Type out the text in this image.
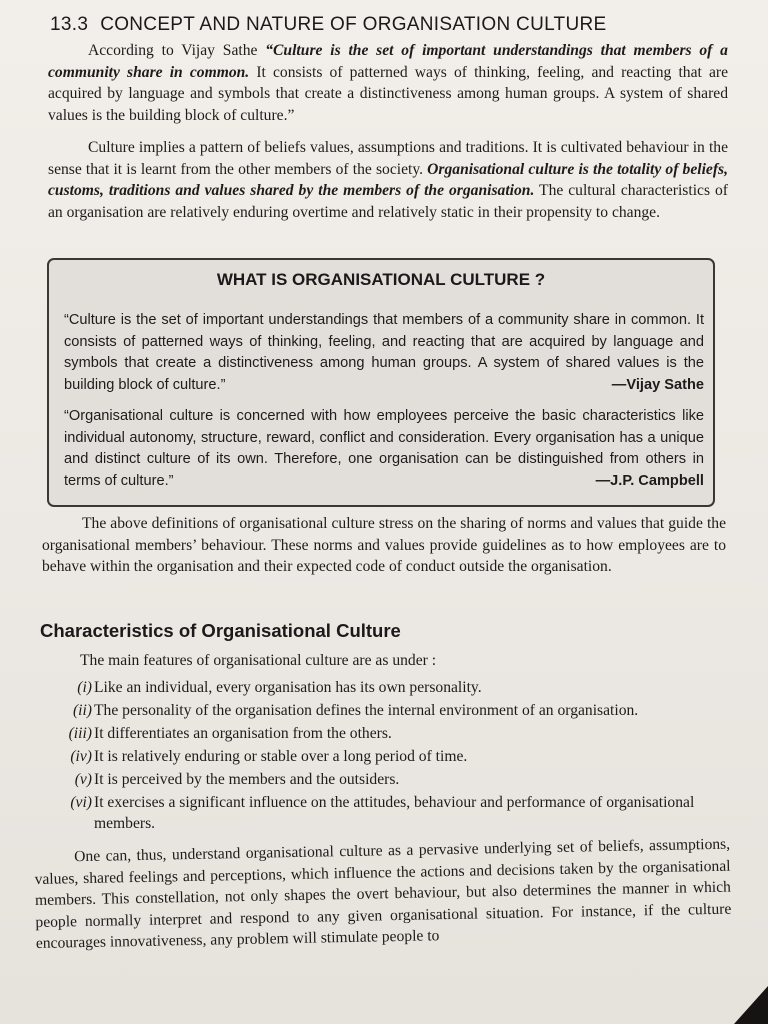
13.3 CONCEPT AND NATURE OF ORGANISATION CULTURE

According to Vijay Sathe “Culture is the set of important understandings that members of a community share in common. It consists of patterned ways of thinking, feeling, and reacting that are acquired by language and symbols that create a distinctiveness among human groups. A system of shared values is the building block of culture.”

Culture implies a pattern of beliefs values, assumptions and traditions. It is cultivated behaviour in the sense that it is learnt from the other members of the society. Organisational culture is the totality of beliefs, customs, traditions and values shared by the members of the organisation. The cultural characteristics of an organisation are relatively enduring overtime and relatively static in their propensity to change.

WHAT IS ORGANISATIONAL CULTURE ?

“Culture is the set of important understandings that members of a community share in common. It consists of patterned ways of thinking, feeling, and reacting that are acquired by language and symbols that create a distinctiveness among human groups. A system of shared values is the building block of culture.”	—Vijay Sathe

“Organisational culture is concerned with how employees perceive the basic characteristics like individual autonomy, structure, reward, conflict and consideration. Every organisation has a unique and distinct culture of its own. Therefore, one organisation can be distinguished from others in terms of culture.”	—J.P. Campbell

The above definitions of organisational culture stress on the sharing of norms and values that guide the organisational members’ behaviour. These norms and values provide guidelines as to how employees are to behave within the organisation and their expected code of conduct outside the organisation.

Characteristics of Organisational Culture

The main features of organisational culture are as under :

(i) Like an individual, every organisation has its own personality.
(ii) The personality of the organisation defines the internal environment of an organisation.
(iii) It differentiates an organisation from the others.
(iv) It is relatively enduring or stable over a long period of time.
(v) It is perceived by the members and the outsiders.
(vi) It exercises a significant influence on the attitudes, behaviour and performance of organisational members.

One can, thus, understand organisational culture as a pervasive underlying set of beliefs, assumptions, values, shared feelings and perceptions, which influence the actions and decisions taken by the organisational members. This constellation, not only shapes the overt behaviour, but also determines the manner in which people normally interpret and respond to any given organisational situation. For instance, if the culture encourages innovativeness, any problem will stimulate people to
